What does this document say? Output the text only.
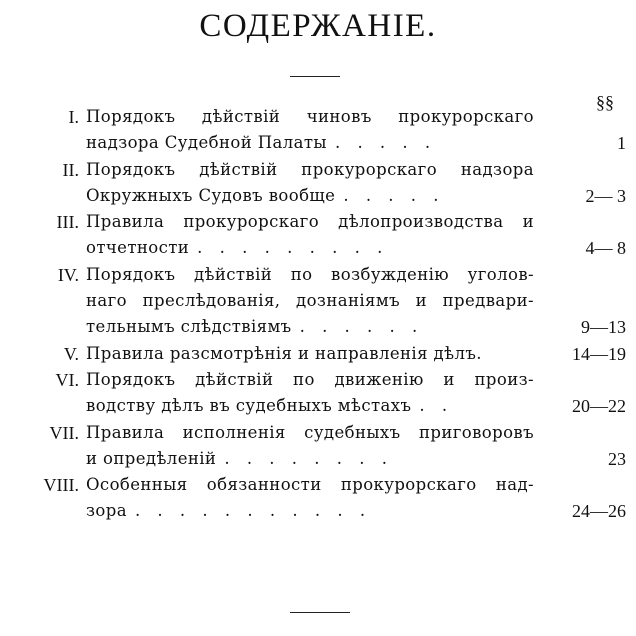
СОДЕРЖАНIЕ.
§§
I. Порядокъ дѣйствiй чиновъ прокурорскаго
надзора Судебной Палаты . . . . .	1
II. Порядокъ дѣйствiй прокурорскаго надзора
Окружныхъ Судовъ вообще . . . . .	2— 3
III. Правила прокурорскаго дѣлопроизводства и
отчетности . . . . . . . . .	4— 8
IV. Порядокъ дѣйствiй по возбужденiю уголов-
наго преслѣдованiя, дознанiямъ и предвари-
тельнымъ слѣдствiямъ . . . . . .	9—13
V. Правила разсмотрѣнiя и направленiя дѣлъ.	14—19
VI. Порядокъ дѣйствiй по движенiю и произ-
водству дѣлъ въ судебныхъ мѣстахъ . .	20—22
VII. Правила исполненiя судебныхъ приговоровъ
и опредѣленiй . . . . . . . .	23
VIII. Особенныя обязанности прокурорскаго над-
зора . . . . . . . . . . .	24—26
